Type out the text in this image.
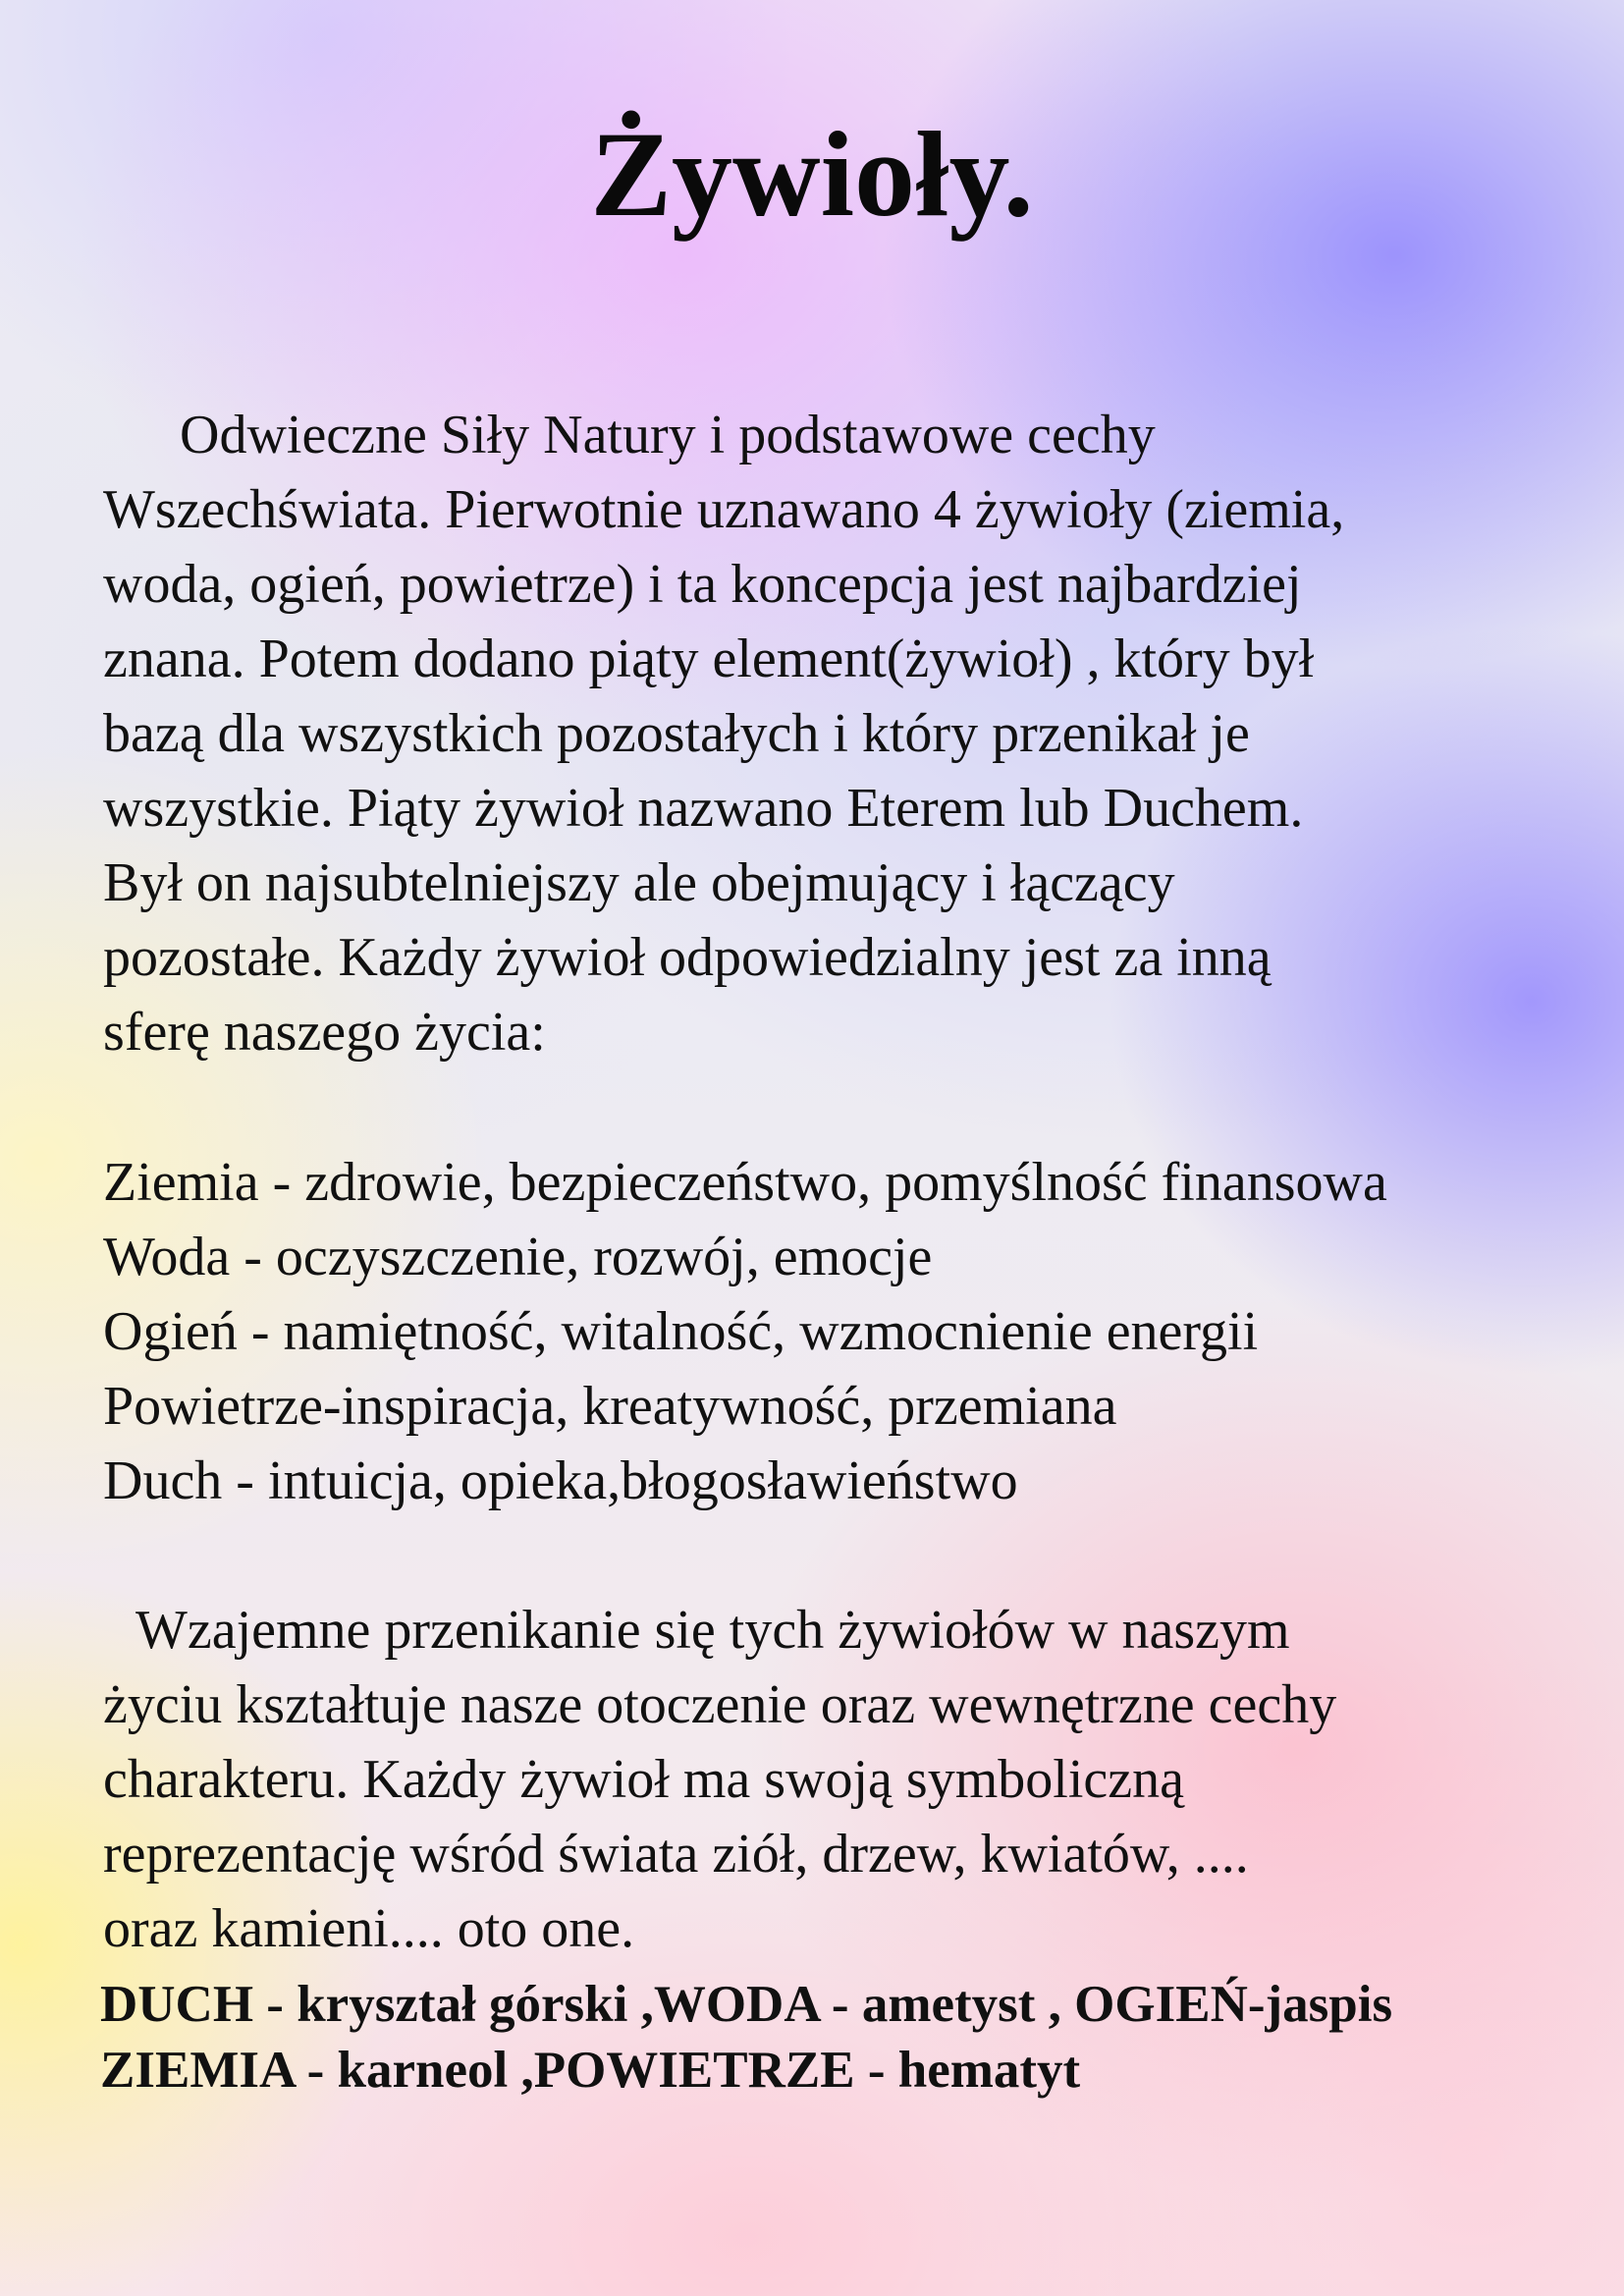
Żywioły.
Odwieczne Siły Natury i podstawowe cechy
Wszechświata. Pierwotnie uznawano 4 żywioły (ziemia,
woda, ogień, powietrze) i ta koncepcja jest najbardziej
znana. Potem dodano piąty element(żywioł) , który był
bazą dla wszystkich pozostałych i który przenikał je
wszystkie. Piąty żywioł nazwano Eterem lub Duchem.
Był on najsubtelniejszy ale obejmujący i łączący
pozostałe. Każdy żywioł odpowiedzialny jest za inną
sferę naszego życia:
Ziemia - zdrowie, bezpieczeństwo, pomyślność finansowa
Woda - oczyszczenie, rozwój, emocje
Ogień - namiętność, witalność, wzmocnienie energii
Powietrze-inspiracja, kreatywność, przemiana
Duch - intuicja, opieka,błogosławieństwo
Wzajemne przenikanie się tych żywiołów w naszym
życiu kształtuje nasze otoczenie oraz wewnętrzne cechy
charakteru. Każdy żywioł ma swoją symboliczną
reprezentację wśród świata ziół, drzew, kwiatów, ....
oraz kamieni.... oto one.
DUCH - kryształ górski ,WODA - ametyst , OGIEŃ-jaspis
ZIEMIA - karneol ,POWIETRZE - hematyt
